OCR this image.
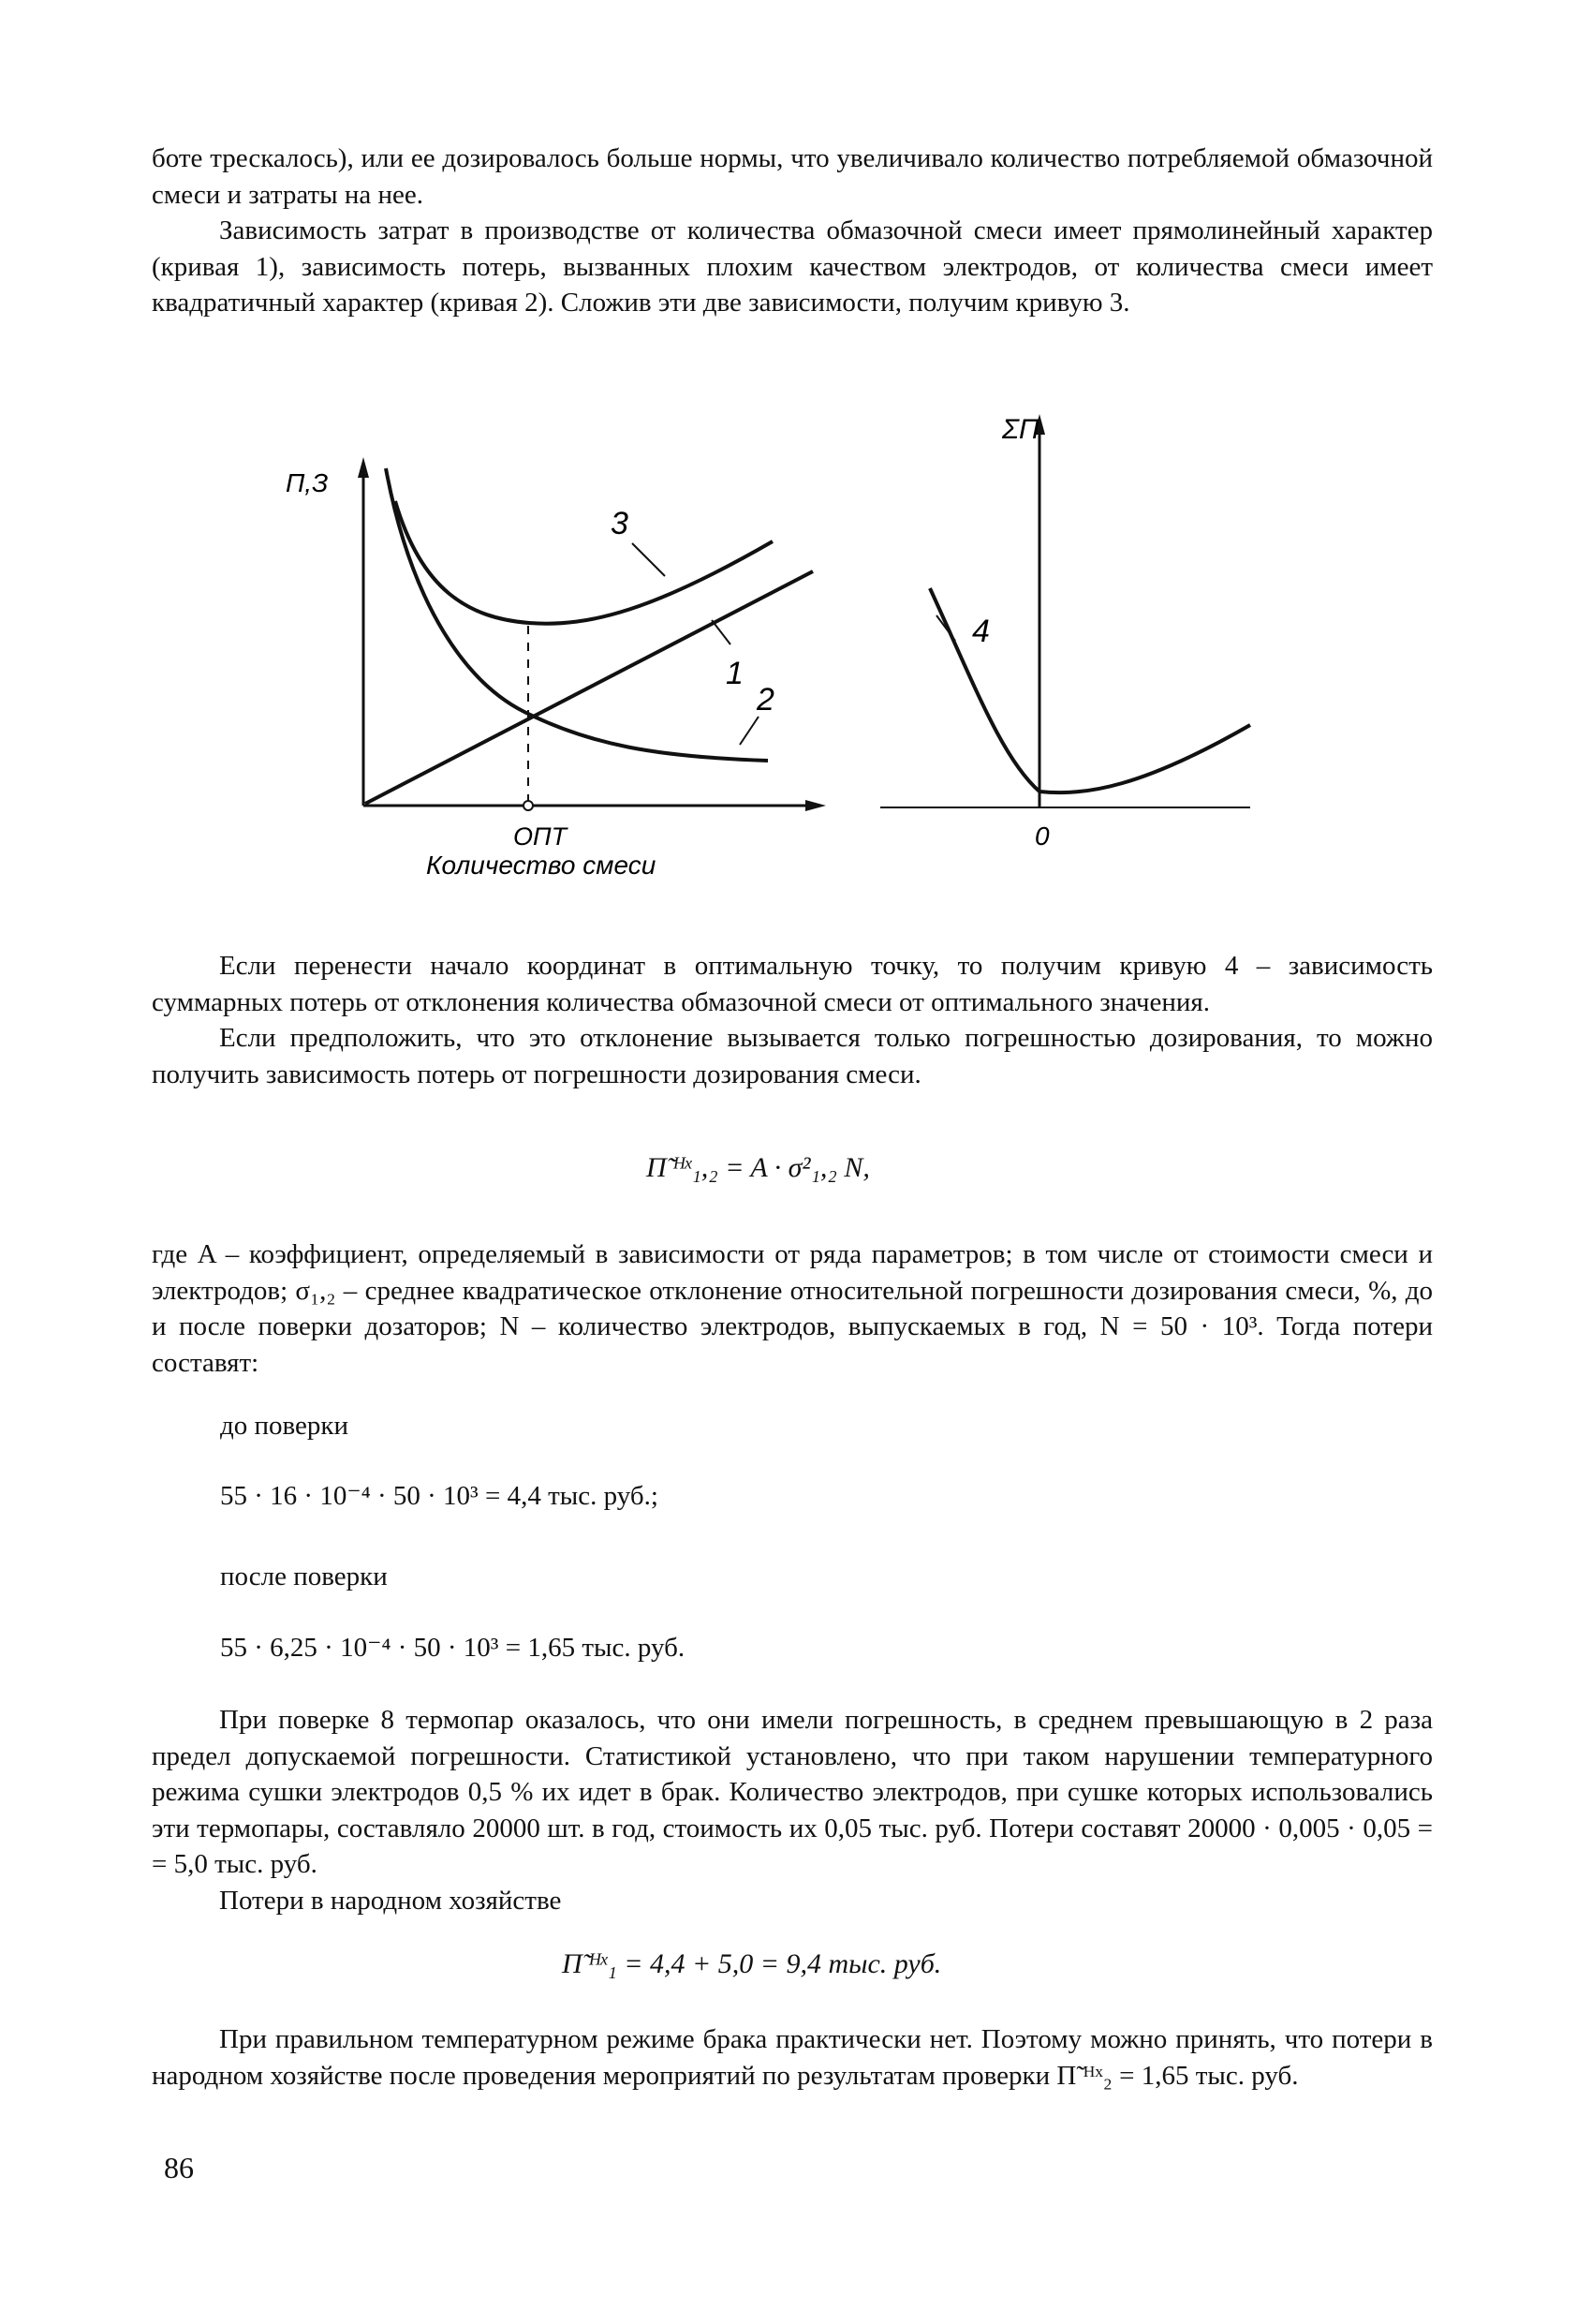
боте трескалось), или ее дозировалось больше нормы, что увеличивало количество потребляемой обмазочной смеси и затраты на нее.

Зависимость затрат в производстве от количества обмазочной смеси имеет прямолинейный характер (кривая 1), зависимость потерь, вызванных плохим качеством электродов, от количества смеси имеет квадратичный характер (кривая 2). Сложив эти две зависимости, получим кривую 3.

П,З
3
1
2
ОПТ
Количество смеси
ΣП
4
0

Если перенести начало координат в оптимальную точку, то получим кривую 4 – зависимость суммарных потерь от отклонения количества обмазочной смеси от оптимального значения.

Если предположить, что это отклонение вызывается только погрешностью дозирования, то можно получить зависимость потерь от погрешности дозирования смеси.

П̃ ᴴˣ₁,₂ = A · σ²₁,₂ N,

где A – коэффициент, определяемый в зависимости от ряда параметров; в том числе от стоимости смеси и электродов; σ₁,₂ – среднее квадратическое отклонение относительной погрешности дозирования смеси, %, до и после поверки дозаторов; N – количество электродов, выпускаемых в год, N = 50 · 10³. Тогда потери составят:

до поверки
55 · 16 · 10⁻⁴ · 50 · 10³ = 4,4 тыс. руб.;
после поверки
55 · 6,25 · 10⁻⁴ · 50 · 10³ = 1,65 тыс. руб.

При поверке 8 термопар оказалось, что они имели погрешность, в среднем превышающую в 2 раза предел допускаемой погрешности. Статистикой установлено, что при таком нарушении температурного режима сушки электродов 0,5 % их идет в брак. Количество электродов, при сушке которых использовались эти термопары, составляло 20000 шт. в год, стоимость их 0,05 тыс. руб. Потери составят 20000 · 0,005 · 0,05 = = 5,0 тыс. руб.

Потери в народном хозяйстве

П̃ ᴴˣ₁ = 4,4 + 5,0 = 9,4 тыс. руб.

При правильном температурном режиме брака практически нет. Поэтому можно принять, что потери в народном хозяйстве после проведения мероприятий по результатам проверки П̃ ᴴˣ₂ = 1,65 тыс. руб.

86
